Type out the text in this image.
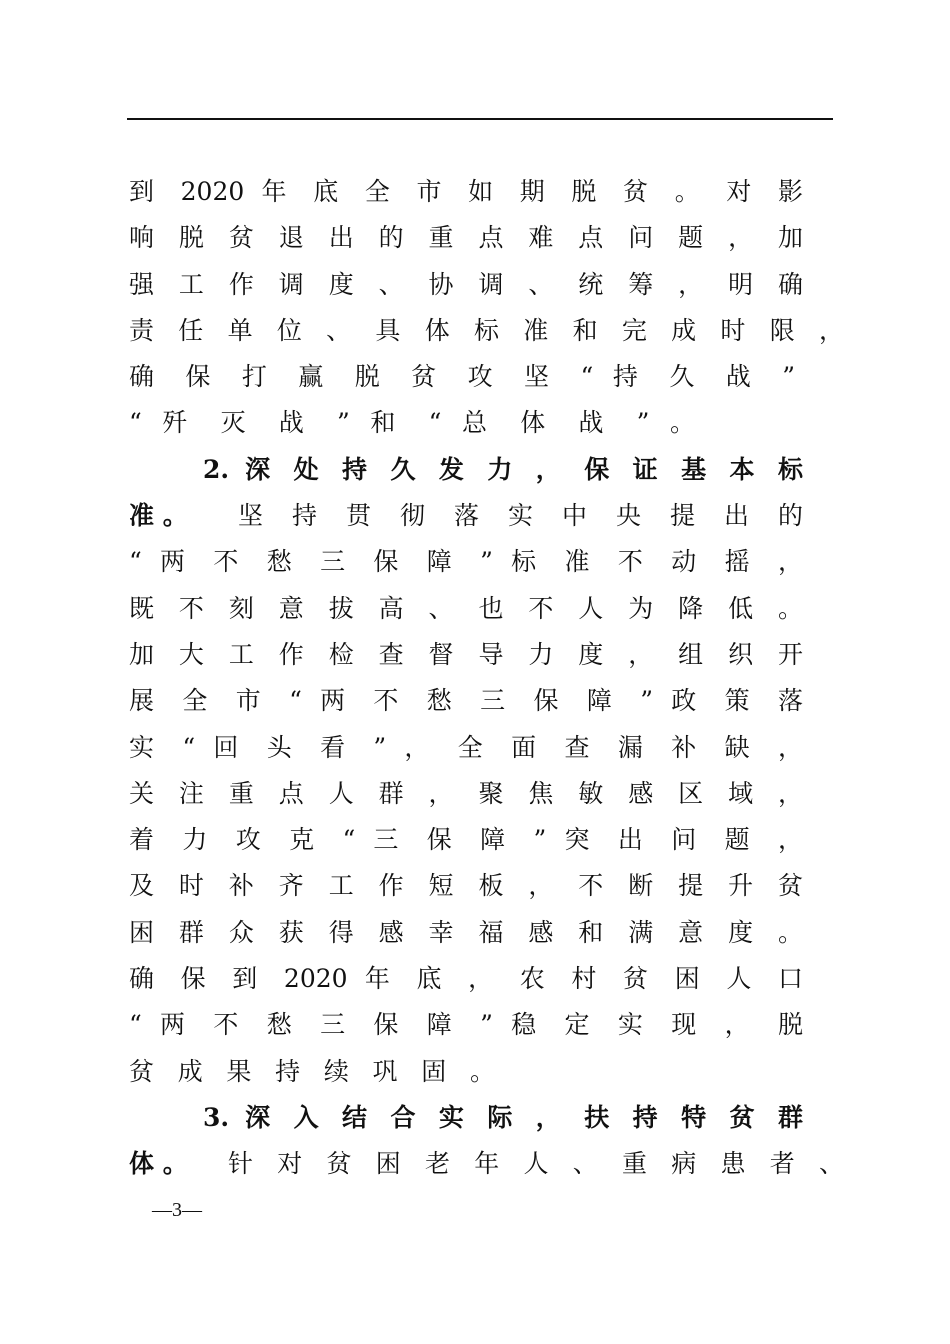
到 2020 年 底 全 市 如 期 脱 贫 。 对 影
响 脱 贫 退 出 的 重 点 难 点 问 题 ， 加
强 工 作 调 度 、 协 调 、 统 筹 ， 明 确
责 任 单 位 、 具 体 标 准 和 完 成 时 限 ，
确 保 打 赢 脱 贫 攻 坚 “ 持 久 战 ”
“ 歼 灭 战 ” 和 “ 总 体 战 ” 。
2. 深 处 持 久 发 力 ， 保 证 基 本 标
准 。	坚 持 贯 彻 落 实 中 央 提 出 的
“ 两 不 愁 三 保 障 ” 标 准 不 动 摇 ，
既 不 刻 意 拔 高 、 也 不 人 为 降 低 。
加 大 工 作 检 查 督 导 力 度 ， 组 织 开
展 全 市 “ 两 不 愁 三 保 障 ” 政 策 落
实 “ 回 头 看 ” ， 全 面 查 漏 补 缺 ，
关 注 重 点 人 群 ， 聚 焦 敏 感 区 域 ，
着 力 攻 克 “ 三 保 障 ” 突 出 问 题 ，
及 时 补 齐 工 作 短 板 ， 不 断 提 升 贫
困 群 众 获 得 感 幸 福 感 和 满 意 度 。
确 保 到 2020 年 底 ， 农 村 贫 困 人 口
“ 两 不 愁 三 保 障 ” 稳 定 实 现 ， 脱
贫 成 果 持 续 巩 固 。
3. 深 入 结 合 实 际 ， 扶 持 特 贫 群
体 。	针 对 贫 困 老 年 人 、 重 病 患 者 、
—3—
